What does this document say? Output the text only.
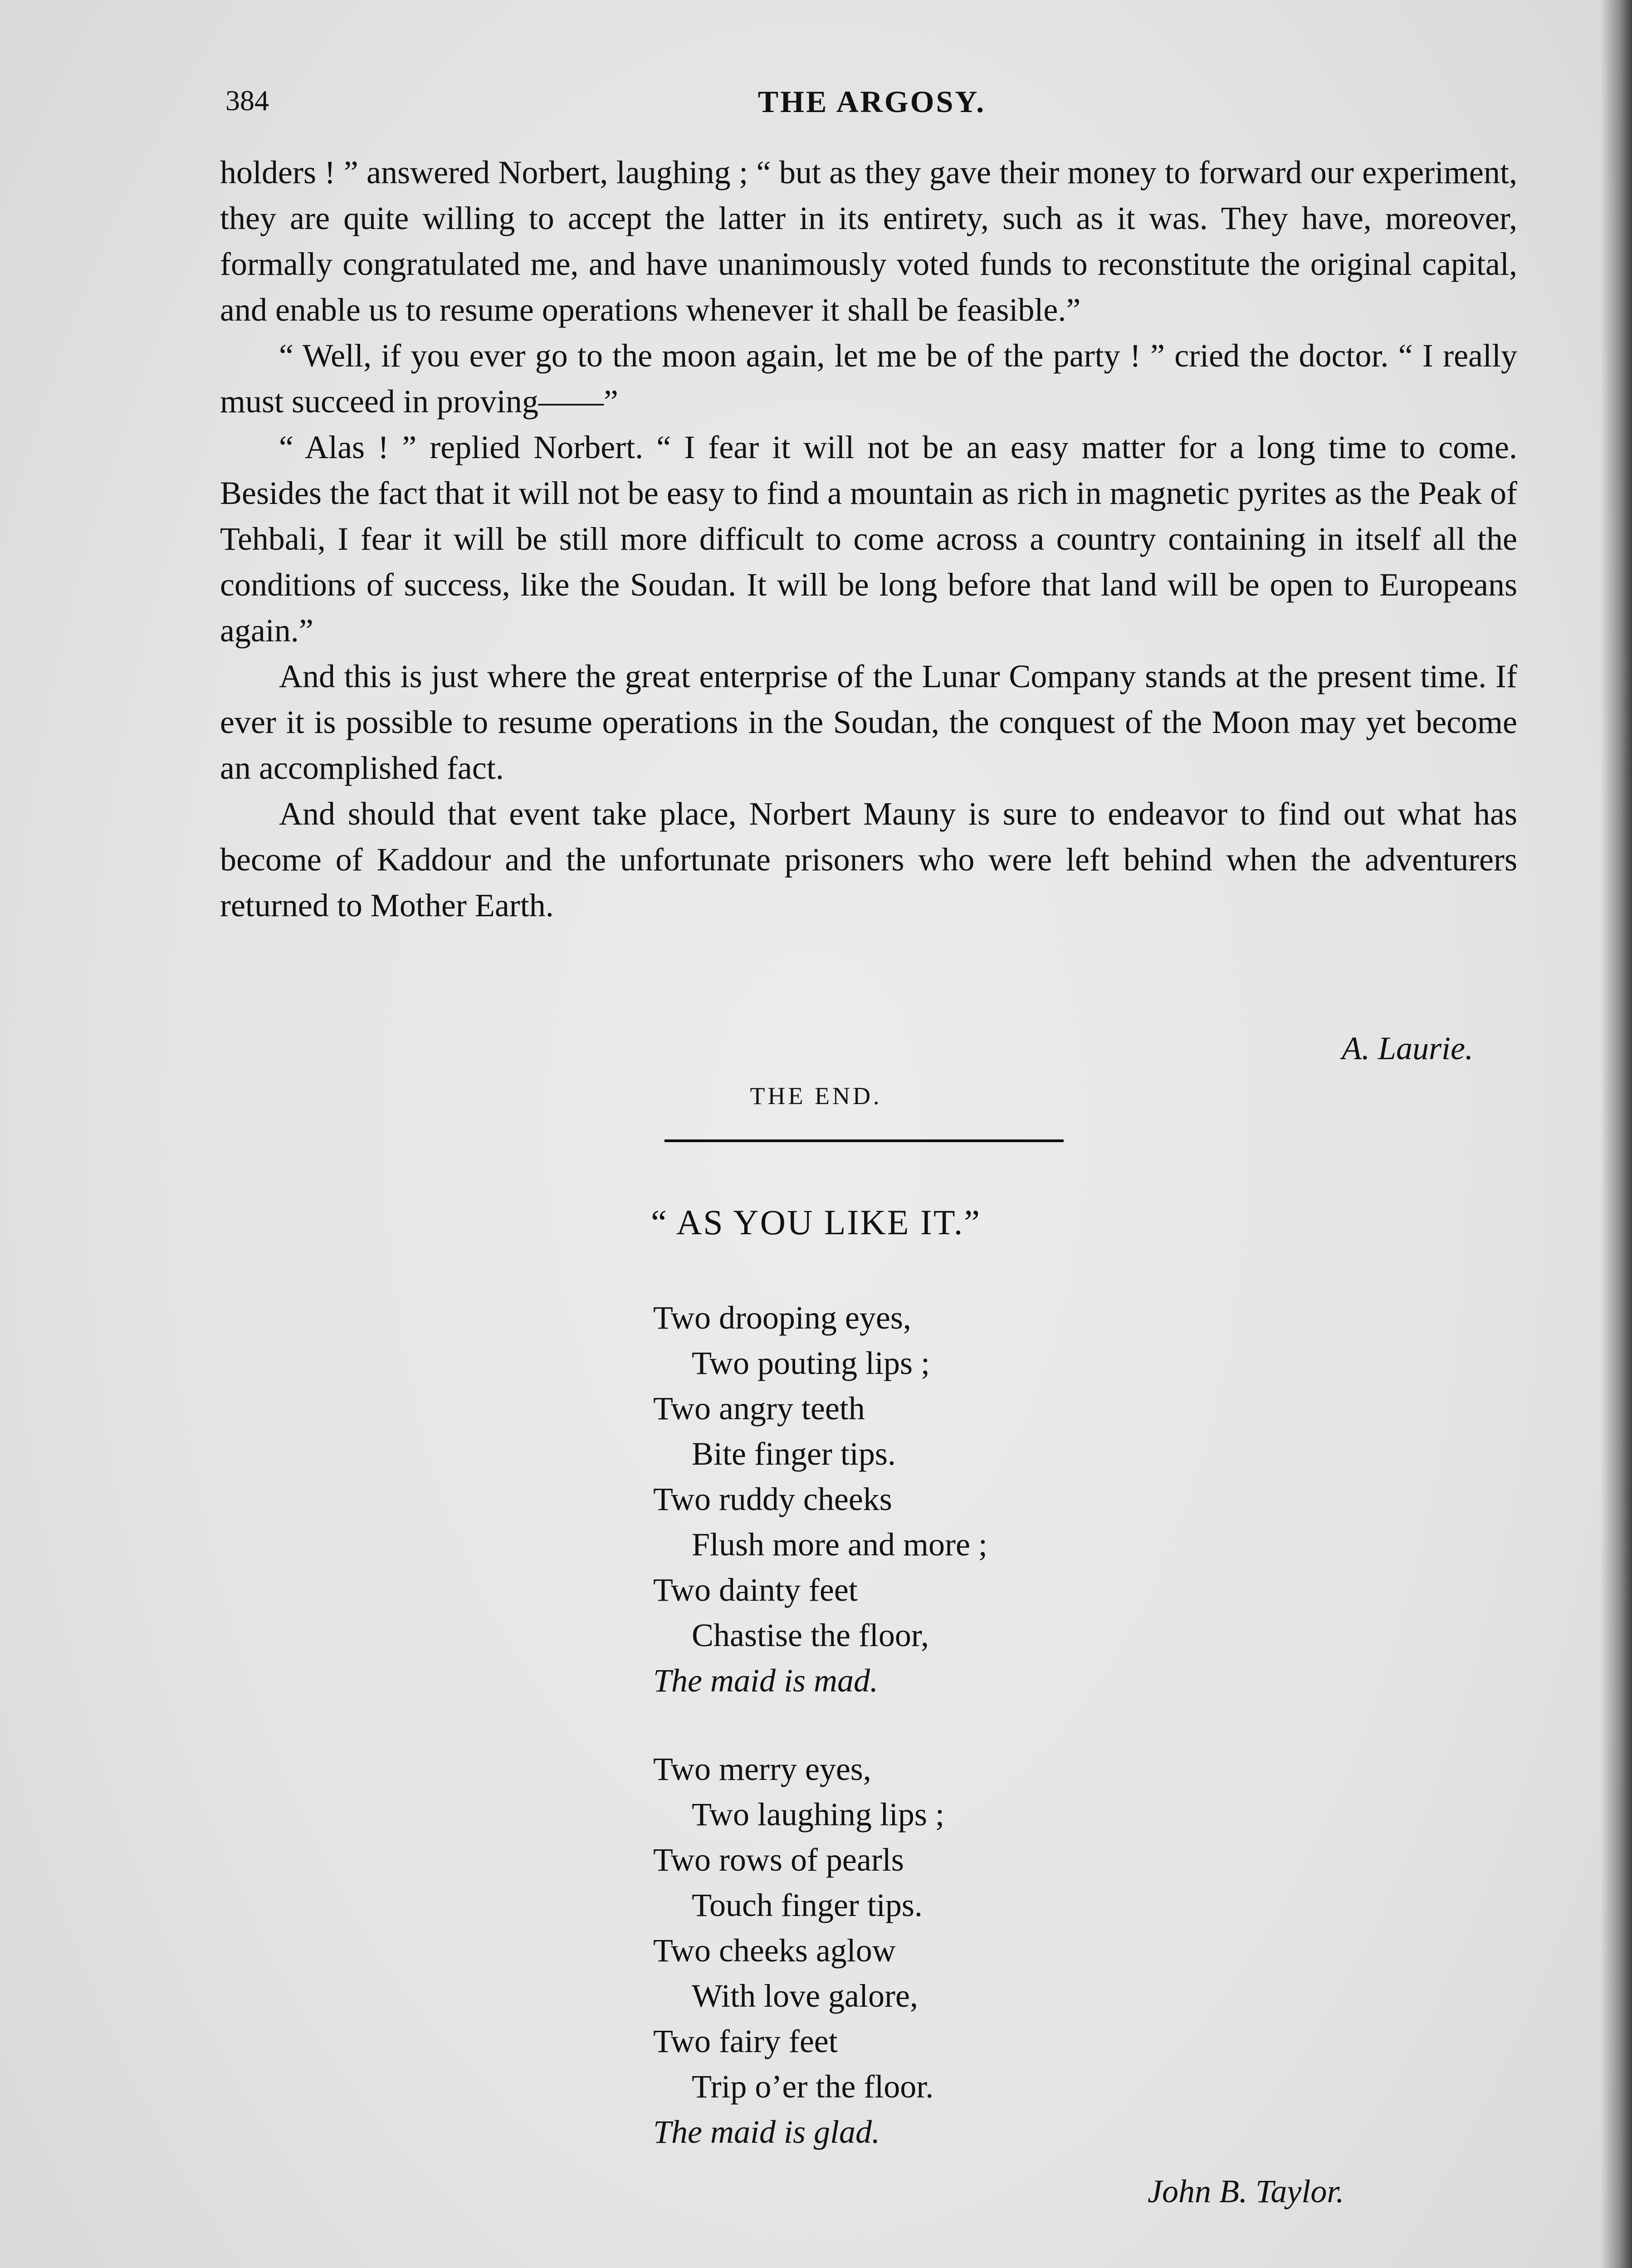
384	THE ARGOSY.

holders ! ” answered Norbert, laughing ; “ but as they gave their money to forward our experiment, they are quite willing to accept the latter in its entirety, such as it was. They have, moreover, formally congratulated me, and have unanimously voted funds to reconstitute the original capital, and enable us to resume operations whenever it shall be feasible.”

“ Well, if you ever go to the moon again, let me be of the party ! ” cried the doctor. “ I really must succeed in proving——”

“ Alas ! ” replied Norbert. “ I fear it will not be an easy matter for a long time to come. Besides the fact that it will not be easy to find a mountain as rich in magnetic pyrites as the Peak of Tehbali, I fear it will be still more difficult to come across a country containing in itself all the conditions of success, like the Soudan. It will be long before that land will be open to Europeans again.”

And this is just where the great enterprise of the Lunar Company stands at the present time. If ever it is possible to resume operations in the Soudan, the conquest of the Moon may yet become an accomplished fact.

And should that event take place, Norbert Mauny is sure to endeavor to find out what has become of Kaddour and the unfortunate prisoners who were left behind when the adventurers returned to Mother Earth.

A. Laurie.
THE END.
“ AS YOU LIKE IT.”
Two drooping eyes,
Two pouting lips ;
Two angry teeth
Bite finger tips.
Two ruddy cheeks
Flush more and more ;
Two dainty feet
Chastise the floor,
The maid is mad.
Two merry eyes,
Two laughing lips ;
Two rows of pearls
Touch finger tips.
Two cheeks aglow
With love galore,
Two fairy feet
Trip o’er the floor.
The maid is glad.
John B. Taylor.
